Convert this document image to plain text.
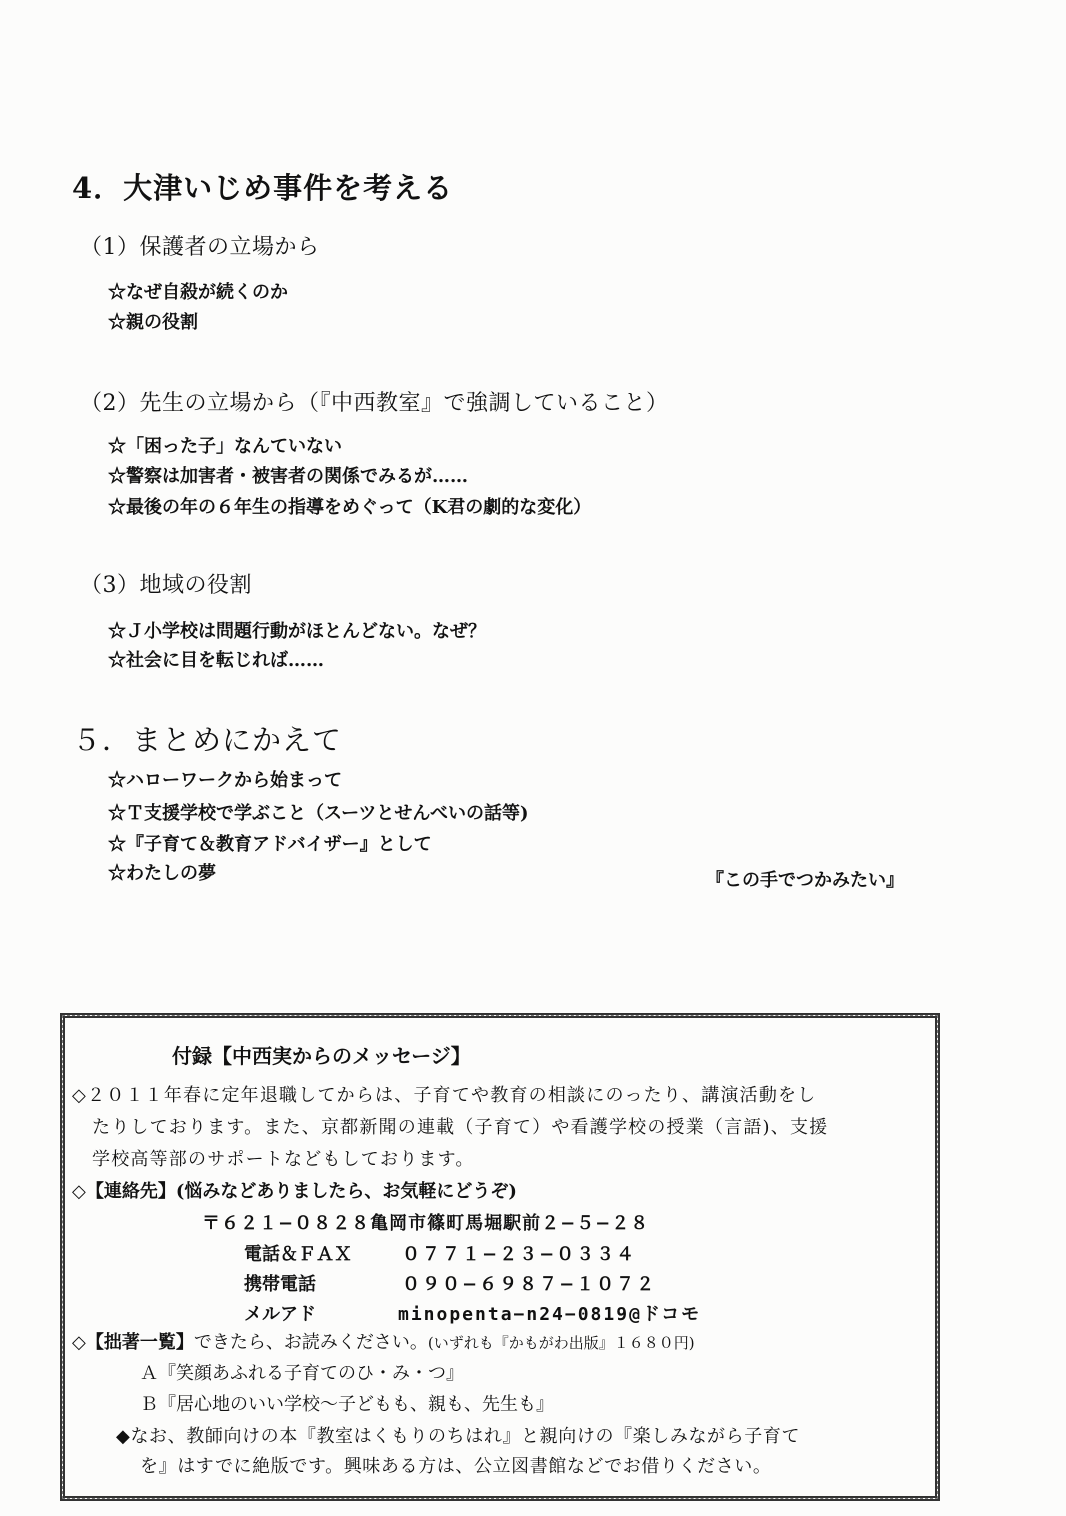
4．大津いじめ事件を考える
（1）保護者の立場から
☆なぜ自殺が続くのか
☆親の役割
（2）先生の立場から（『中西教室』で強調していること）
☆「困った子」なんていない
☆警察は加害者・被害者の関係でみるが……
☆最後の年の６年生の指導をめぐって（K君の劇的な変化）
（3）地域の役割
☆Ｊ小学校は問題行動がほとんどない。なぜ？
☆社会に目を転じれば……
５．まとめにかえて
☆ハローワークから始まって
☆Ｔ支援学校で学ぶこと（スーツとせんべいの話等)
☆『子育て＆教育アドバイザー』として
☆わたしの夢	『この手でつかみたい』
付録【中西実からのメッセージ】
◇２０１１年春に定年退職してからは、子育てや教育の相談にのったり、講演活動をし
たりしております。また、京都新聞の連載（子育て）や看護学校の授業（言語)、支援
学校高等部のサポートなどもしております。
◇【連絡先】(悩みなどありましたら、お気軽にどうぞ)
〒６２１−０８２８亀岡市篠町馬堀駅前２−５−２８
電話＆ＦＡＸ	０７７１−２３−０３３４
携帯電話	０９０−６９８７−１０７２
メルアド	minopenta−n24−0819@ドコモ
◇【拙著一覧】できたら、お読みください。(いずれも『かもがわ出版』１６８０円)
Ａ『笑顔あふれる子育てのひ・み・つ』
Ｂ『居心地のいい学校〜子どもも、親も、先生も』
◆なお、教師向けの本『教室はくもりのちはれ』と親向けの『楽しみながら子育て
を』はすでに絶版です。興味ある方は、公立図書館などでお借りください。
